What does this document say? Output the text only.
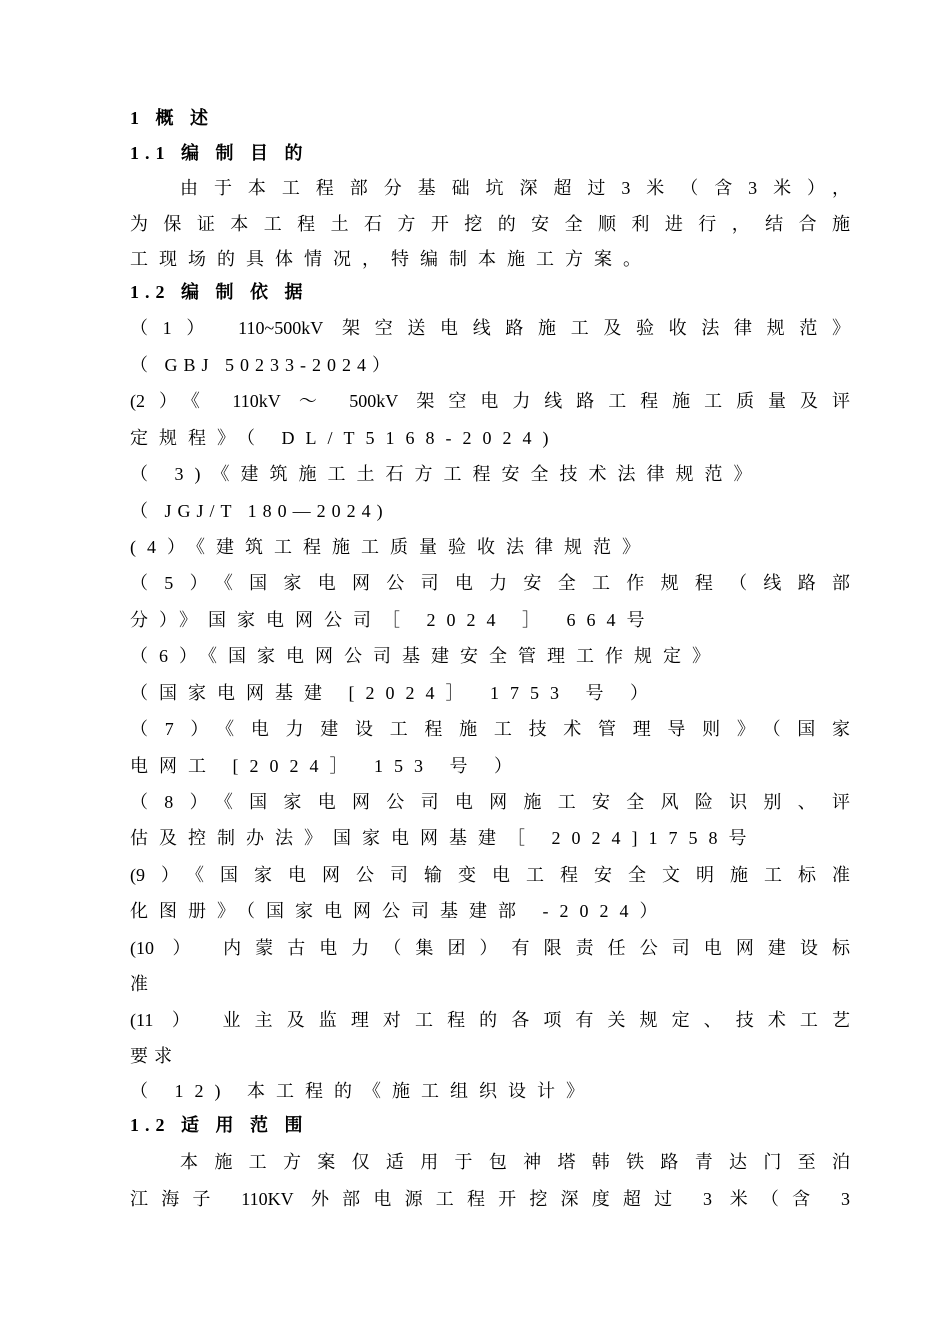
1 概 述
1.1 编 制 目 的
由于本工程部分基础坑深超过3米（含3米），
为保证本工程土石方开挖的安全顺利进行，结合施
工现场的具体情况，特编制本施工方案。
1.2 编 制 依 据
（1） 110~500kV 架空送电线路施工及验收法律规范》
（ GBJ 50233-2024）
(2）《 110kV ～ 500kV 架空电力线路工程施工质量及评
定规程》（ DL/T5168-2024)
（ 3)《建筑施工土石方工程安全技术法律规范》
（ JGJ/T 180—2024)
(4）《建筑工程施工质量验收法律规范》
（5）《国家电网公司电力安全工作规程（线路部
分）》国家电网公司［ 2024 ］ 664号
（6）《国家电网公司基建安全管理工作规定》
（国家电网基建 [2024］ 1753 号 ）
（7）《电力建设工程施工技术管理导则》（国家
电网工 [2024］ 153 号 ）
（8）《国家电网公司电网施工安全风险识别、评
估及控制办法》国家电网基建［ 2024]1758号
(9）《国家电网公司输变电工程安全文明施工标准
化图册》（国家电网公司基建部 -2024）
(10 ） 内蒙古电力（集团）有限责任公司电网建设标
准
(11 ） 业主及监理对工程的各项有关规定、技术工艺
要求
（ 12) 本工程的《施工组织设计》
1.2 适 用 范 围
本施工方案仅适用于包神塔韩铁路青达门至泊
江海子 110KV 外部电源工程开挖深度超过 3 米（含 3
